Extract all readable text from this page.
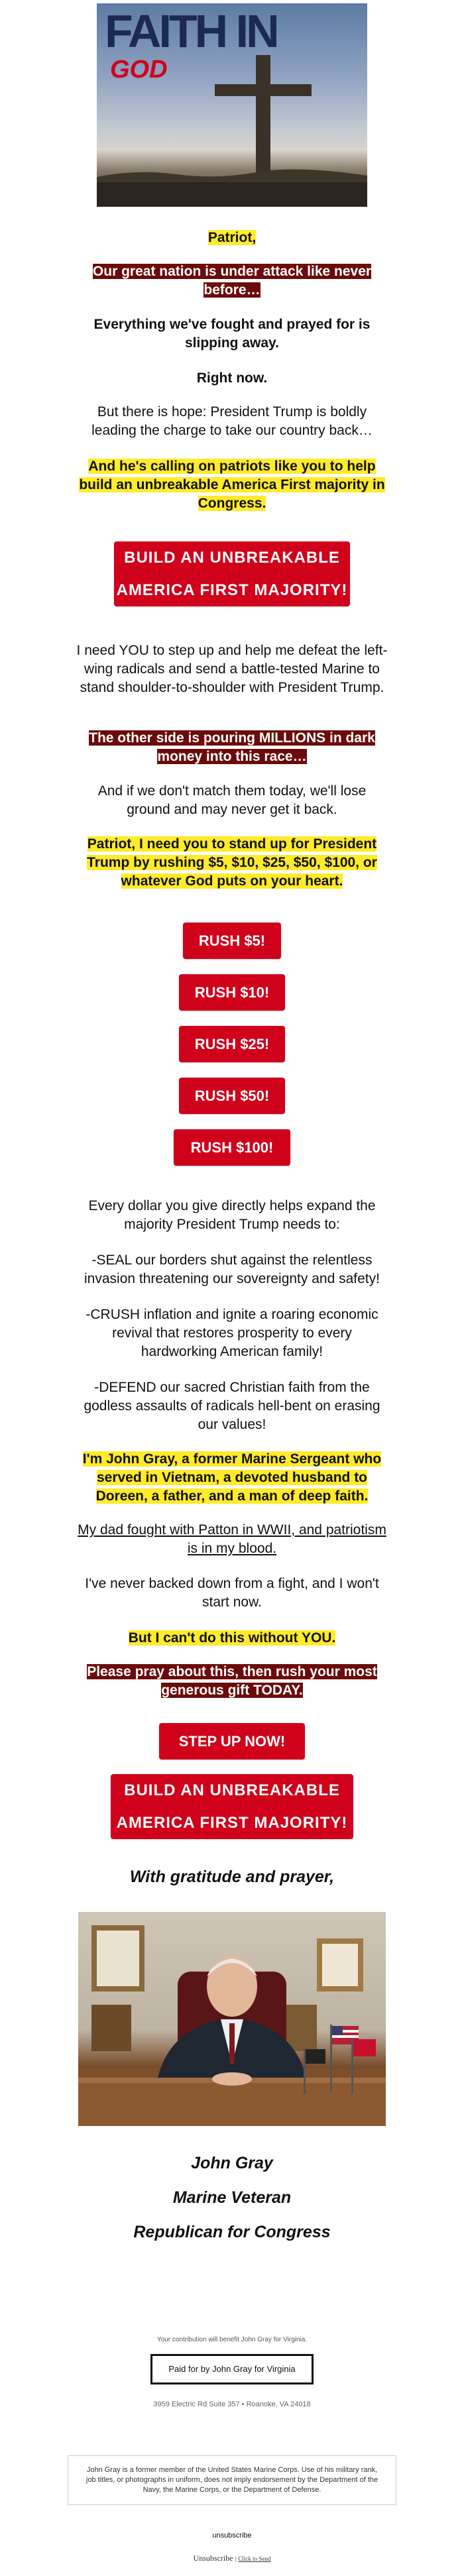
FAITH IN
GOD
Patriot,
Our great nation is under attack like never before…
Everything we've fought and prayed for is slipping away.
Right now.
But there is hope: President Trump is boldly leading the charge to take our country back…
And he's calling on patriots like you to help build an unbreakable America First majority in Congress.
BUILD AN UNBREAKABLE
AMERICA FIRST MAJORITY!
I need YOU to step up and help me defeat the left-wing radicals and send a battle-tested Marine to stand shoulder-to-shoulder with President Trump.
The other side is pouring MILLIONS in dark money into this race…
And if we don't match them today, we'll lose ground and may never get it back.
Patriot, I need you to stand up for President Trump by rushing $5, $10, $25, $50, $100, or whatever God puts on your heart.
RUSH $5!
RUSH $10!
RUSH $25!
RUSH $50!
RUSH $100!
Every dollar you give directly helps expand the majority President Trump needs to:
-SEAL our borders shut against the relentless invasion threatening our sovereignty and safety!
-CRUSH inflation and ignite a roaring economic revival that restores prosperity to every hardworking American family!
-DEFEND our sacred Christian faith from the godless assaults of radicals hell-bent on erasing our values!
I'm John Gray, a former Marine Sergeant who served in Vietnam, a devoted husband to Doreen, a father, and a man of deep faith.
My dad fought with Patton in WWII, and patriotism is in my blood.
I've never backed down from a fight, and I won't start now.
But I can't do this without YOU.
Please pray about this, then rush your most generous gift TODAY.
STEP UP NOW!
BUILD AN UNBREAKABLE
AMERICA FIRST MAJORITY!
With gratitude and prayer,
John Gray
Marine Veteran
Republican for Congress
Your contribution will benefit John Gray for Virginia.
Paid for by John Gray for Virginia
3959 Electric Rd Suite 357 • Roanoke, VA 24018
John Gray is a former member of the United States Marine Corps. Use of his military rank, job titles, or photographs in uniform, does not imply endorsement by the Department of the Navy, the Marine Corps, or the Department of Defense.
unsubscribe
Unsubscribe | Click to Send
